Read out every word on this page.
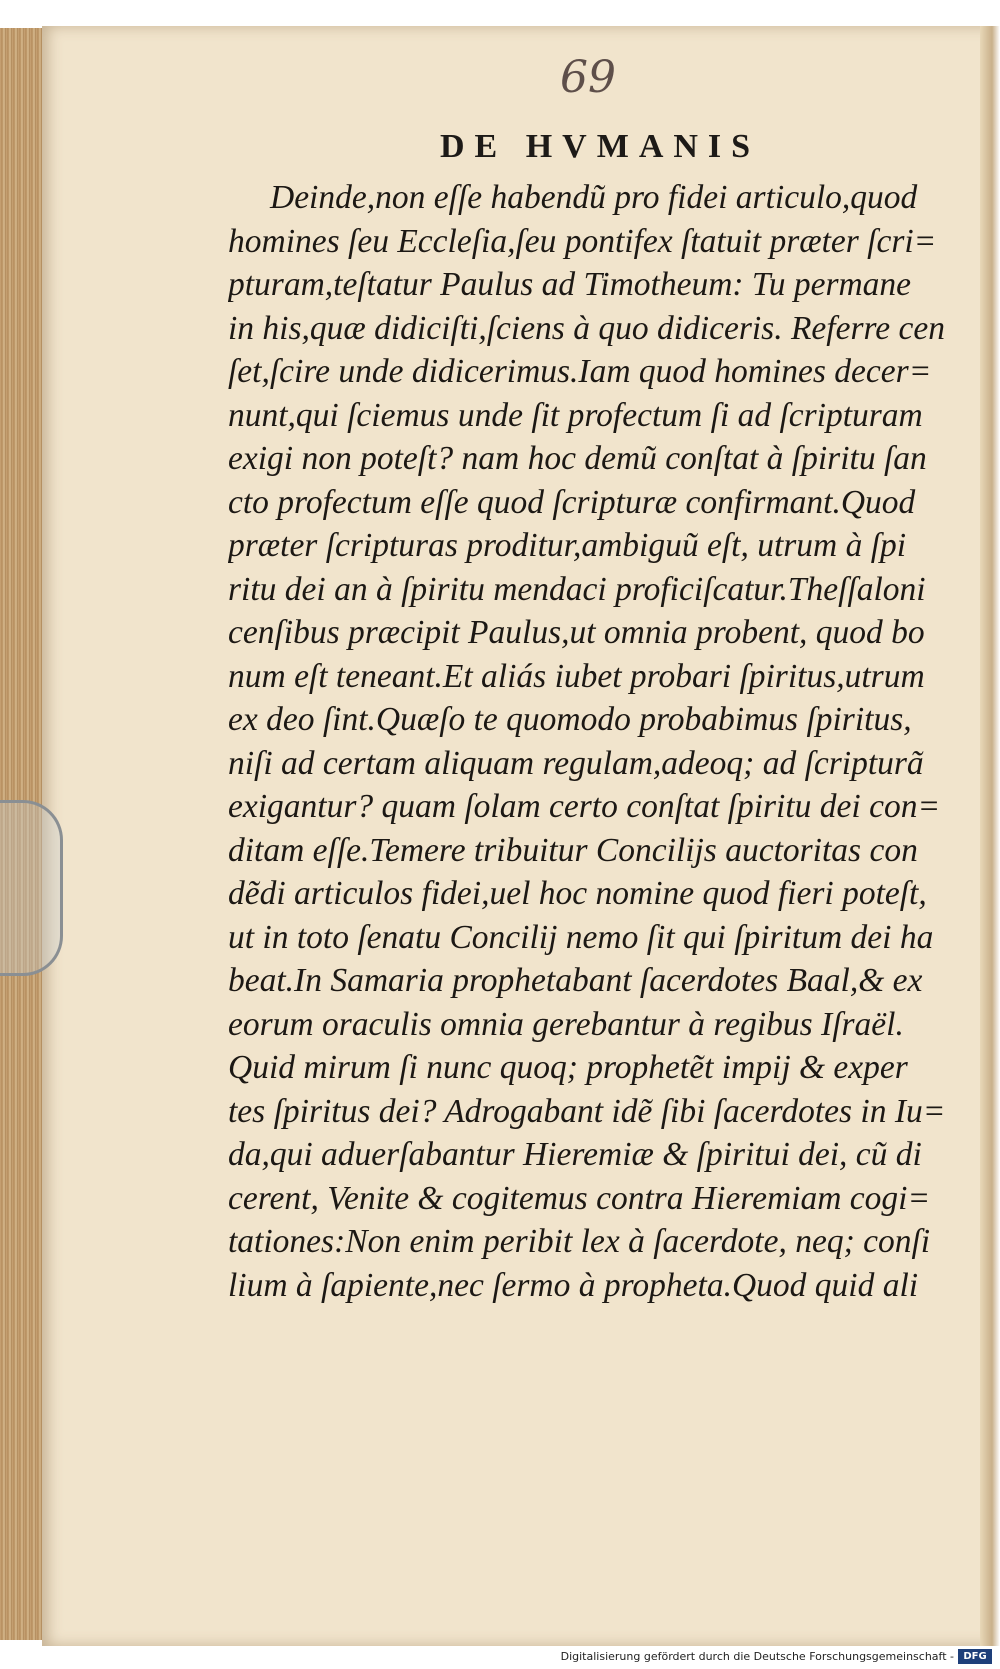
69
DE HVMANIS
Deinde,non eſſe habendũ pro fidei articulo,quod
homines ſeu Eccleſia,ſeu pontifex ſtatuit præter ſcri=
pturam,teſtatur Paulus ad Timotheum: Tu permane
in his,quæ didiciſti,ſciens à quo didiceris. Referre cen
ſet,ſcire unde didicerimus.Iam quod homines decer=
nunt,qui ſciemus unde ſit profectum ſi ad ſcripturam
exigi non poteſt? nam hoc demũ conſtat à ſpiritu ſan
cto profectum eſſe quod ſcripturæ confirmant.Quod
præter ſcripturas proditur,ambiguũ eſt, utrum à ſpi
ritu dei an à ſpiritu mendaci proficiſcatur.Theſſaloni
cenſibus præcipit Paulus,ut omnia probent, quod bo
num eſt teneant.Et aliás iubet probari ſpiritus,utrum
ex deo ſint.Quæſo te quomodo probabimus ſpiritus,
niſi ad certam aliquam regulam,adeoq; ad ſcripturã
exigantur? quam ſolam certo conſtat ſpiritu dei con=
ditam eſſe.Temere tribuitur Concilijs auctoritas con
dẽdi articulos fidei,uel hoc nomine quod fieri poteſt,
ut in toto ſenatu Concilij nemo ſit qui ſpiritum dei ha
beat.In Samaria prophetabant ſacerdotes Baal,& ex
eorum oraculis omnia gerebantur à regibus Iſraël.
Quid mirum ſi nunc quoq; prophetẽt impij & exper
tes ſpiritus dei? Adrogabant idẽ ſibi ſacerdotes in Iu=
da,qui aduerſabantur Hieremiæ & ſpiritui dei, cũ di
cerent, Venite & cogitemus contra Hieremiam cogi=
tationes:Non enim peribit lex à ſacerdote, neq; conſi
lium à ſapiente,nec ſermo à propheta.Quod quid ali
Digitalisierung gefördert durch die Deutsche Forschungsgemeinschaft - DFG
